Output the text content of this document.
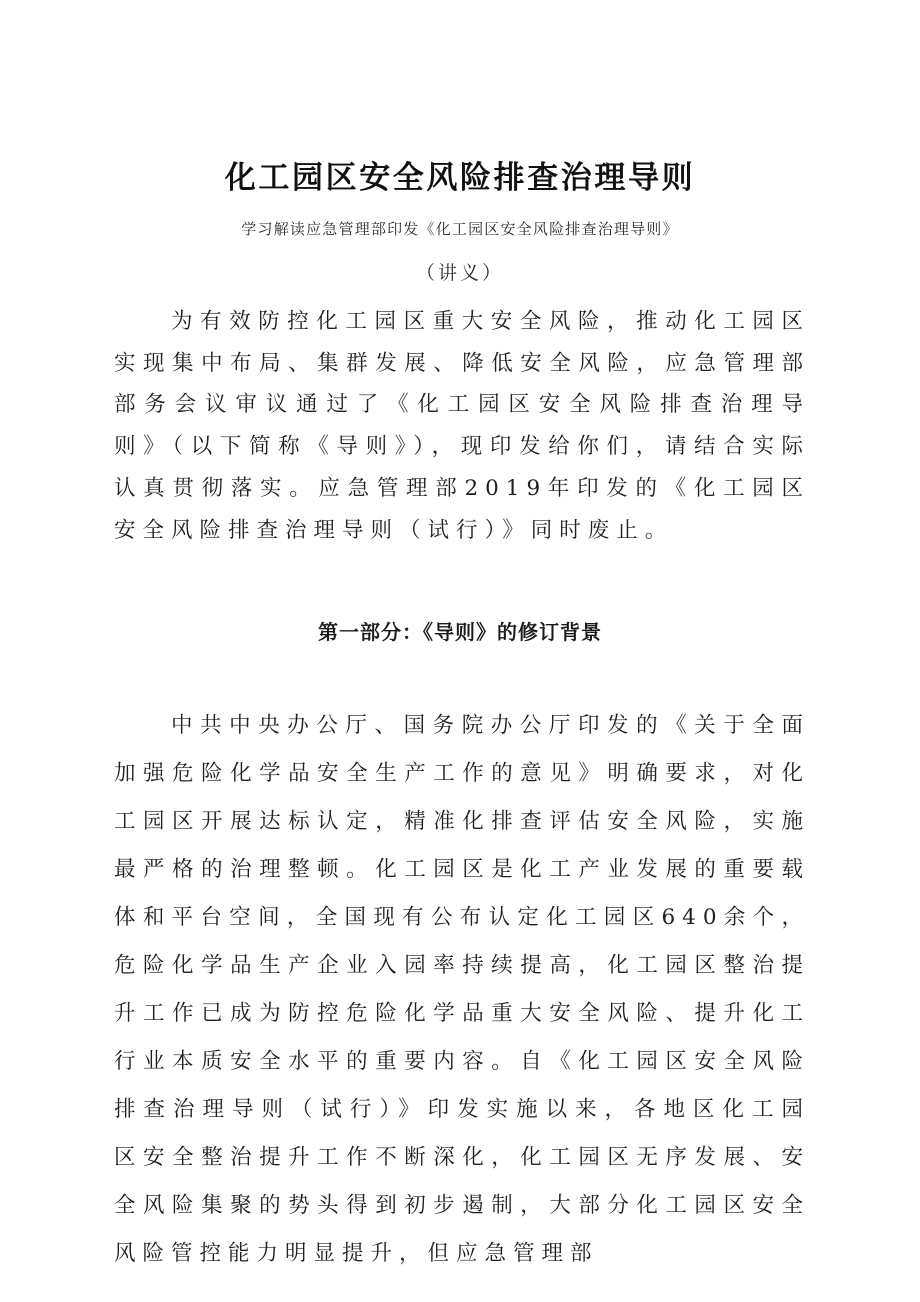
化工园区安全风险排查治理导则
学习解读应急管理部印发《化工园区安全风险排查治理导则》
（讲义）

为有效防控化工园区重大安全风险，推动化工园区实现集中布局、集群发展、降低安全风险，应急管理部部务会议审议通过了《化工园区安全风险排查治理导则》（以下简称《导则》），现印发给你们，请结合实际认真贯彻落实。应急管理部2019年印发的《化工园区安全风险排查治理导则（试行）》同时废止。

第一部分：《导则》的修订背景

中共中央办公厅、国务院办公厅印发的《关于全面加强危险化学品安全生产工作的意见》明确要求，对化工园区开展达标认定，精准化排查评估安全风险，实施最严格的治理整顿。化工园区是化工产业发展的重要载体和平台空间，全国现有公布认定化工园区640余个，危险化学品生产企业入园率持续提高，化工园区整治提升工作已成为防控危险化学品重大安全风险、提升化工行业本质安全水平的重要内容。自《化工园区安全风险排查治理导则（试行）》印发实施以来，各地区化工园区安全整治提升工作不断深化，化工园区无序发展、安全风险集聚的势头得到初步遏制，大部分化工园区安全风险管控能力明显提升，但应急管理部
